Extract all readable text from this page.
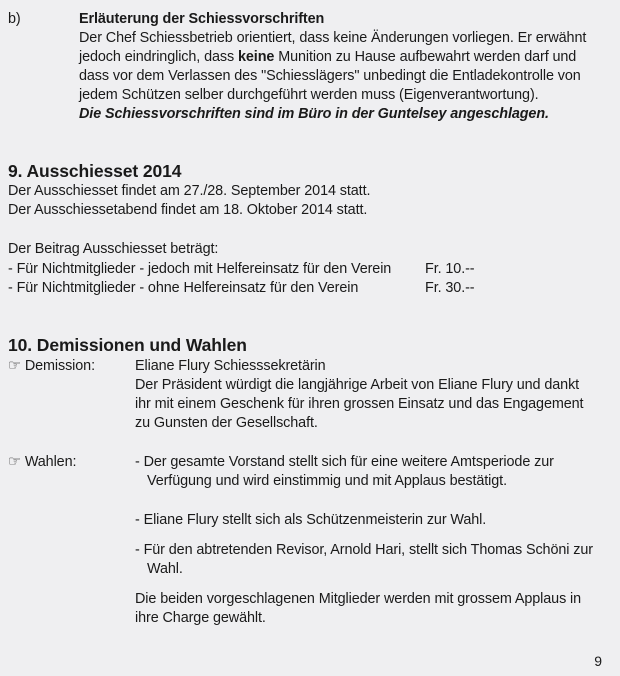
b)	Erläuterung der Schiessvorschriften
Der Chef Schiessbetrieb orientiert, dass keine Änderungen vorliegen. Er erwähnt
jedoch eindringlich, dass keine Munition zu Hause aufbewahrt werden darf und
dass vor dem Verlassen des "Schiesslägers" unbedingt die Entladekontrolle von
jedem Schützen selber durchgeführt werden muss (Eigenverantwortung).
Die Schiessvorschriften sind im Büro in der Guntelsey angeschlagen.
9. Ausschiesset 2014
Der Ausschiesset findet am 27./28. September 2014 statt.
Der Ausschiessetabend findet am 18. Oktober 2014 statt.
Der Beitrag Ausschiesset beträgt:
- Für Nichtmitglieder - jedoch mit Helfereinsatz für den Verein Fr. 10.--
- Für Nichtmitglieder - ohne Helfereinsatz für den Verein	Fr. 30.--
10. Demissionen und Wahlen
☞ Demission:	Eliane Flury Schiesssekretärin
Der Präsident würdigt die langjährige Arbeit von Eliane Flury und dankt
ihr mit einem Geschenk für ihren grossen Einsatz und das Engagement
zu Gunsten der Gesellschaft.
☞ Wahlen:	- Der gesamte Vorstand stellt sich für eine weitere Amtsperiode zur
Verfügung und wird einstimmig und mit Applaus bestätigt.
- Eliane Flury stellt sich als Schützenmeisterin zur Wahl.
- Für den abtretenden Revisor, Arnold Hari, stellt sich Thomas Schöni zur
Wahl.
Die beiden vorgeschlagenen Mitglieder werden mit grossem Applaus in
ihre Charge gewählt.
9
